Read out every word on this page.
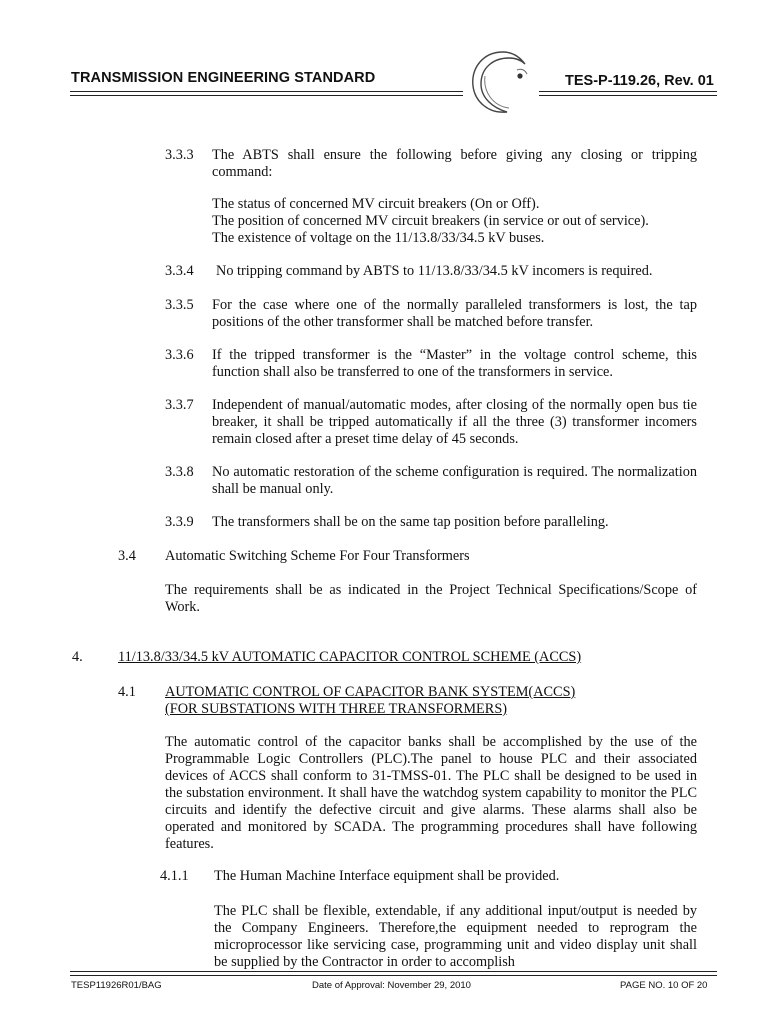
TRANSMISSION ENGINEERING STANDARD	TES-P-119.26, Rev. 01
3.3.3 The ABTS shall ensure the following before giving any closing or tripping command:
The status of concerned MV circuit breakers (On or Off).
The position of concerned MV circuit breakers (in service or out of service).
The existence of voltage on the 11/13.8/33/34.5 kV buses.
3.3.4 No tripping command by ABTS to 11/13.8/33/34.5 kV incomers is required.
3.3.5 For the case where one of the normally paralleled transformers is lost, the tap positions of the other transformer shall be matched before transfer.
3.3.6 If the tripped transformer is the “Master” in the voltage control scheme, this function shall also be transferred to one of the transformers in service.
3.3.7 Independent of manual/automatic modes, after closing of the normally open bus tie breaker, it shall be tripped automatically if all the three (3) transformer incomers remain closed after a preset time delay of 45 seconds.
3.3.8 No automatic restoration of the scheme configuration is required. The normalization shall be manual only.
3.3.9 The transformers shall be on the same tap position before paralleling.
3.4 Automatic Switching Scheme For Four Transformers
The requirements shall be as indicated in the Project Technical Specifications/Scope of Work.
4. 11/13.8/33/34.5 kV AUTOMATIC CAPACITOR CONTROL SCHEME (ACCS)
4.1 AUTOMATIC CONTROL OF CAPACITOR BANK SYSTEM(ACCS)
(FOR SUBSTATIONS WITH THREE TRANSFORMERS)
The automatic control of the capacitor banks shall be accomplished by the use of the Programmable Logic Controllers (PLC).The panel to house PLC and their associated devices of ACCS shall conform to 31-TMSS-01. The PLC shall be designed to be used in the substation environment. It shall have the watchdog system capability to monitor the PLC circuits and identify the defective circuit and give alarms. These alarms shall also be operated and monitored by SCADA. The programming procedures shall have following features.
4.1.1 The Human Machine Interface equipment shall be provided.
The PLC shall be flexible, extendable, if any additional input/output is needed by the Company Engineers. Therefore,the equipment needed to reprogram the microprocessor like servicing case, programming unit and video display unit shall be supplied by the Contractor in order to accomplish
TESP11926R01/BAG	Date of Approval: November 29, 2010	PAGE NO. 10 OF 20
